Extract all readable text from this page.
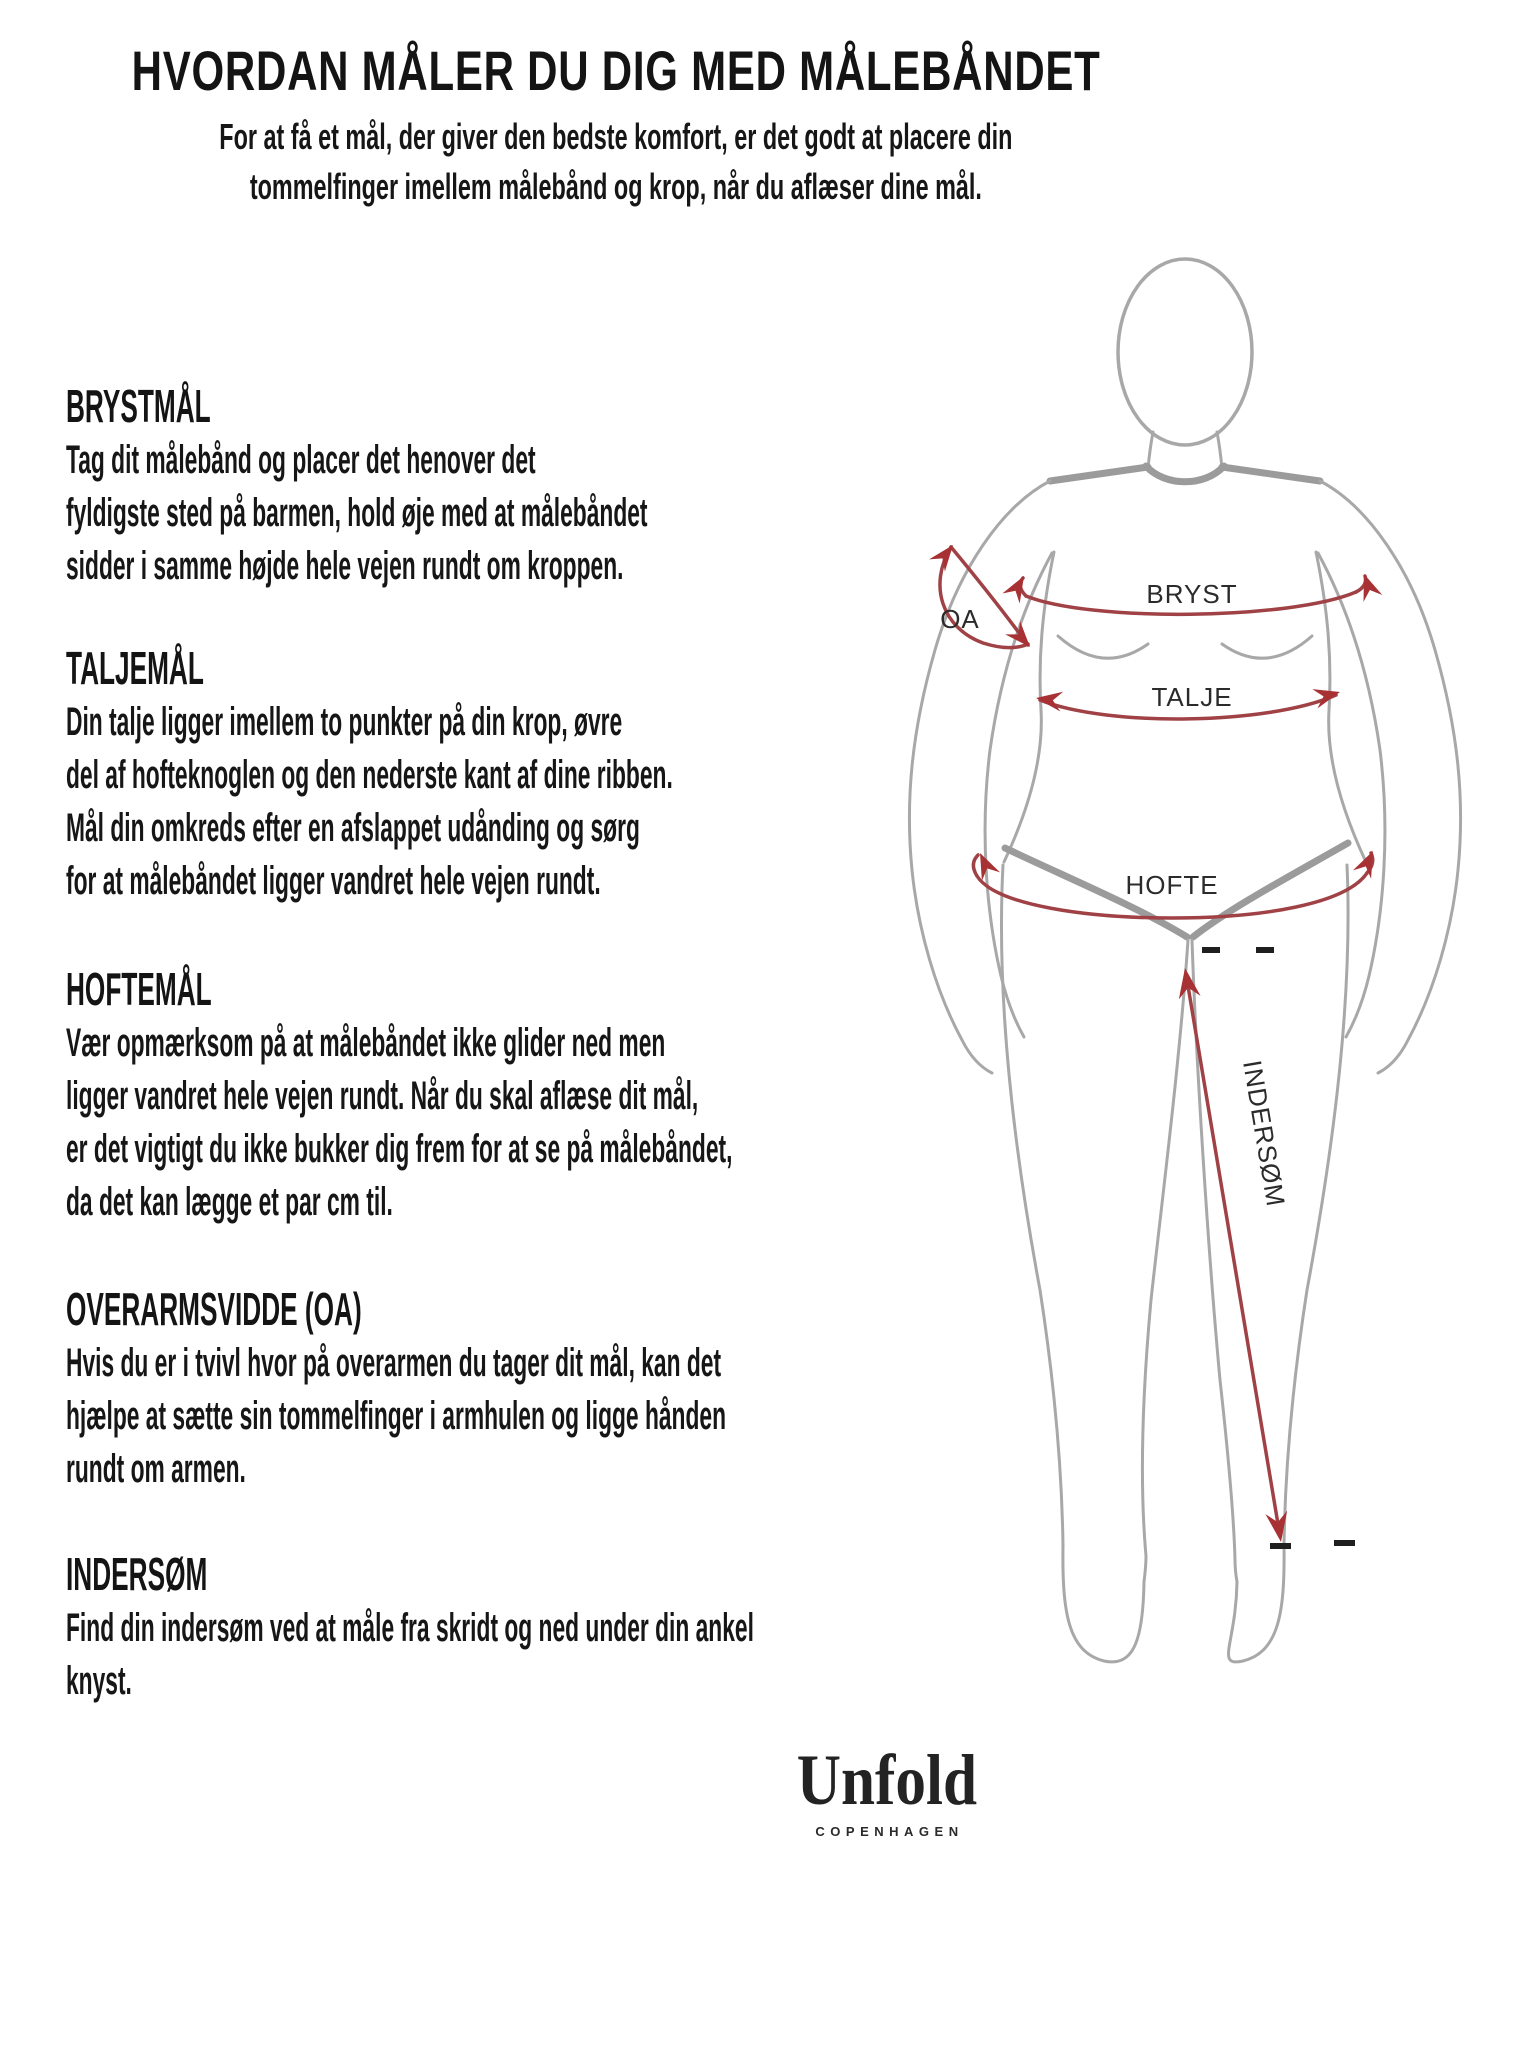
HVORDAN MÅLER DU DIG MED MÅLEBÅNDET
For at få et mål, der giver den bedste komfort, er det godt at placere din
tommelfinger imellem målebånd og krop, når du aflæser dine mål.
BRYSTMÅL
Tag dit målebånd og placer det henover det
fyldigste sted på barmen, hold øje med at målebåndet
sidder i samme højde hele vejen rundt om kroppen.
TALJEMÅL
Din talje ligger imellem to punkter på din krop, øvre
del af hofteknoglen og den nederste kant af dine ribben.
Mål din omkreds efter en afslappet udånding og sørg
for at målebåndet ligger vandret hele vejen rundt.
HOFTEMÅL
Vær opmærksom på at målebåndet ikke glider ned men
ligger vandret hele vejen rundt. Når du skal aflæse dit mål,
er det vigtigt du ikke bukker dig frem for at se på målebåndet,
da det kan lægge et par cm til.
OVERARMSVIDDE (OA)
Hvis du er i tvivl hvor på overarmen du tager dit mål, kan det
hjælpe at sætte sin tommelfinger i armhulen og ligge hånden
rundt om armen.
INDERSØM
Find din indersøm ved at måle fra skridt og ned under din ankel
knyst.
OA
BRYST
TALJE
HOFTE
INDERSØM
Unfold
COPENHAGEN
